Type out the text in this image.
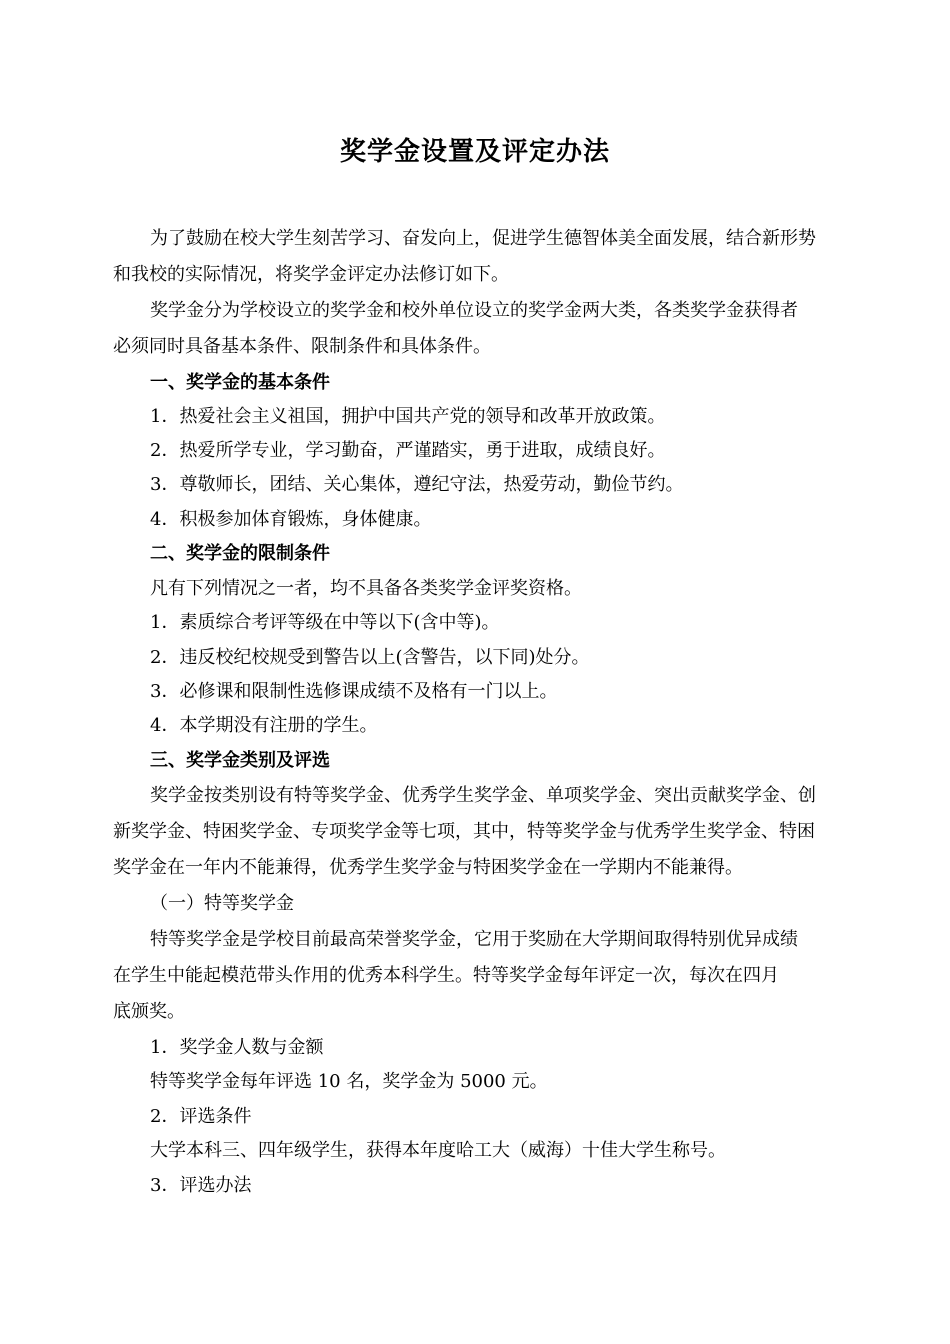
奖学金设置及评定办法
为了鼓励在校大学生刻苦学习、奋发向上，促进学生德智体美全面发展，结合新形势
和我校的实际情况，将奖学金评定办法修订如下。
奖学金分为学校设立的奖学金和校外单位设立的奖学金两大类，各类奖学金获得者
必须同时具备基本条件、限制条件和具体条件。
一、奖学金的基本条件
1．热爱社会主义祖国，拥护中国共产党的领导和改革开放政策。
2．热爱所学专业，学习勤奋，严谨踏实，勇于进取，成绩良好。
3．尊敬师长，团结、关心集体，遵纪守法，热爱劳动，勤俭节约。
4．积极参加体育锻炼，身体健康。
二、奖学金的限制条件
凡有下列情况之一者，均不具备各类奖学金评奖资格。
1．素质综合考评等级在中等以下(含中等)。
2．违反校纪校规受到警告以上(含警告，以下同)处分。
3．必修课和限制性选修课成绩不及格有一门以上。
4．本学期没有注册的学生。
三、奖学金类别及评选
奖学金按类别设有特等奖学金、优秀学生奖学金、单项奖学金、突出贡献奖学金、创
新奖学金、特困奖学金、专项奖学金等七项，其中，特等奖学金与优秀学生奖学金、特困
奖学金在一年内不能兼得，优秀学生奖学金与特困奖学金在一学期内不能兼得。
（一）特等奖学金
特等奖学金是学校目前最高荣誉奖学金，它用于奖励在大学期间取得特别优异成绩
在学生中能起模范带头作用的优秀本科学生。特等奖学金每年评定一次，每次在四月
底颁奖。
1．奖学金人数与金额
特等奖学金每年评选 10 名，奖学金为 5000 元。
2．评选条件
大学本科三、四年级学生，获得本年度哈工大（威海）十佳大学生称号。
3．评选办法
